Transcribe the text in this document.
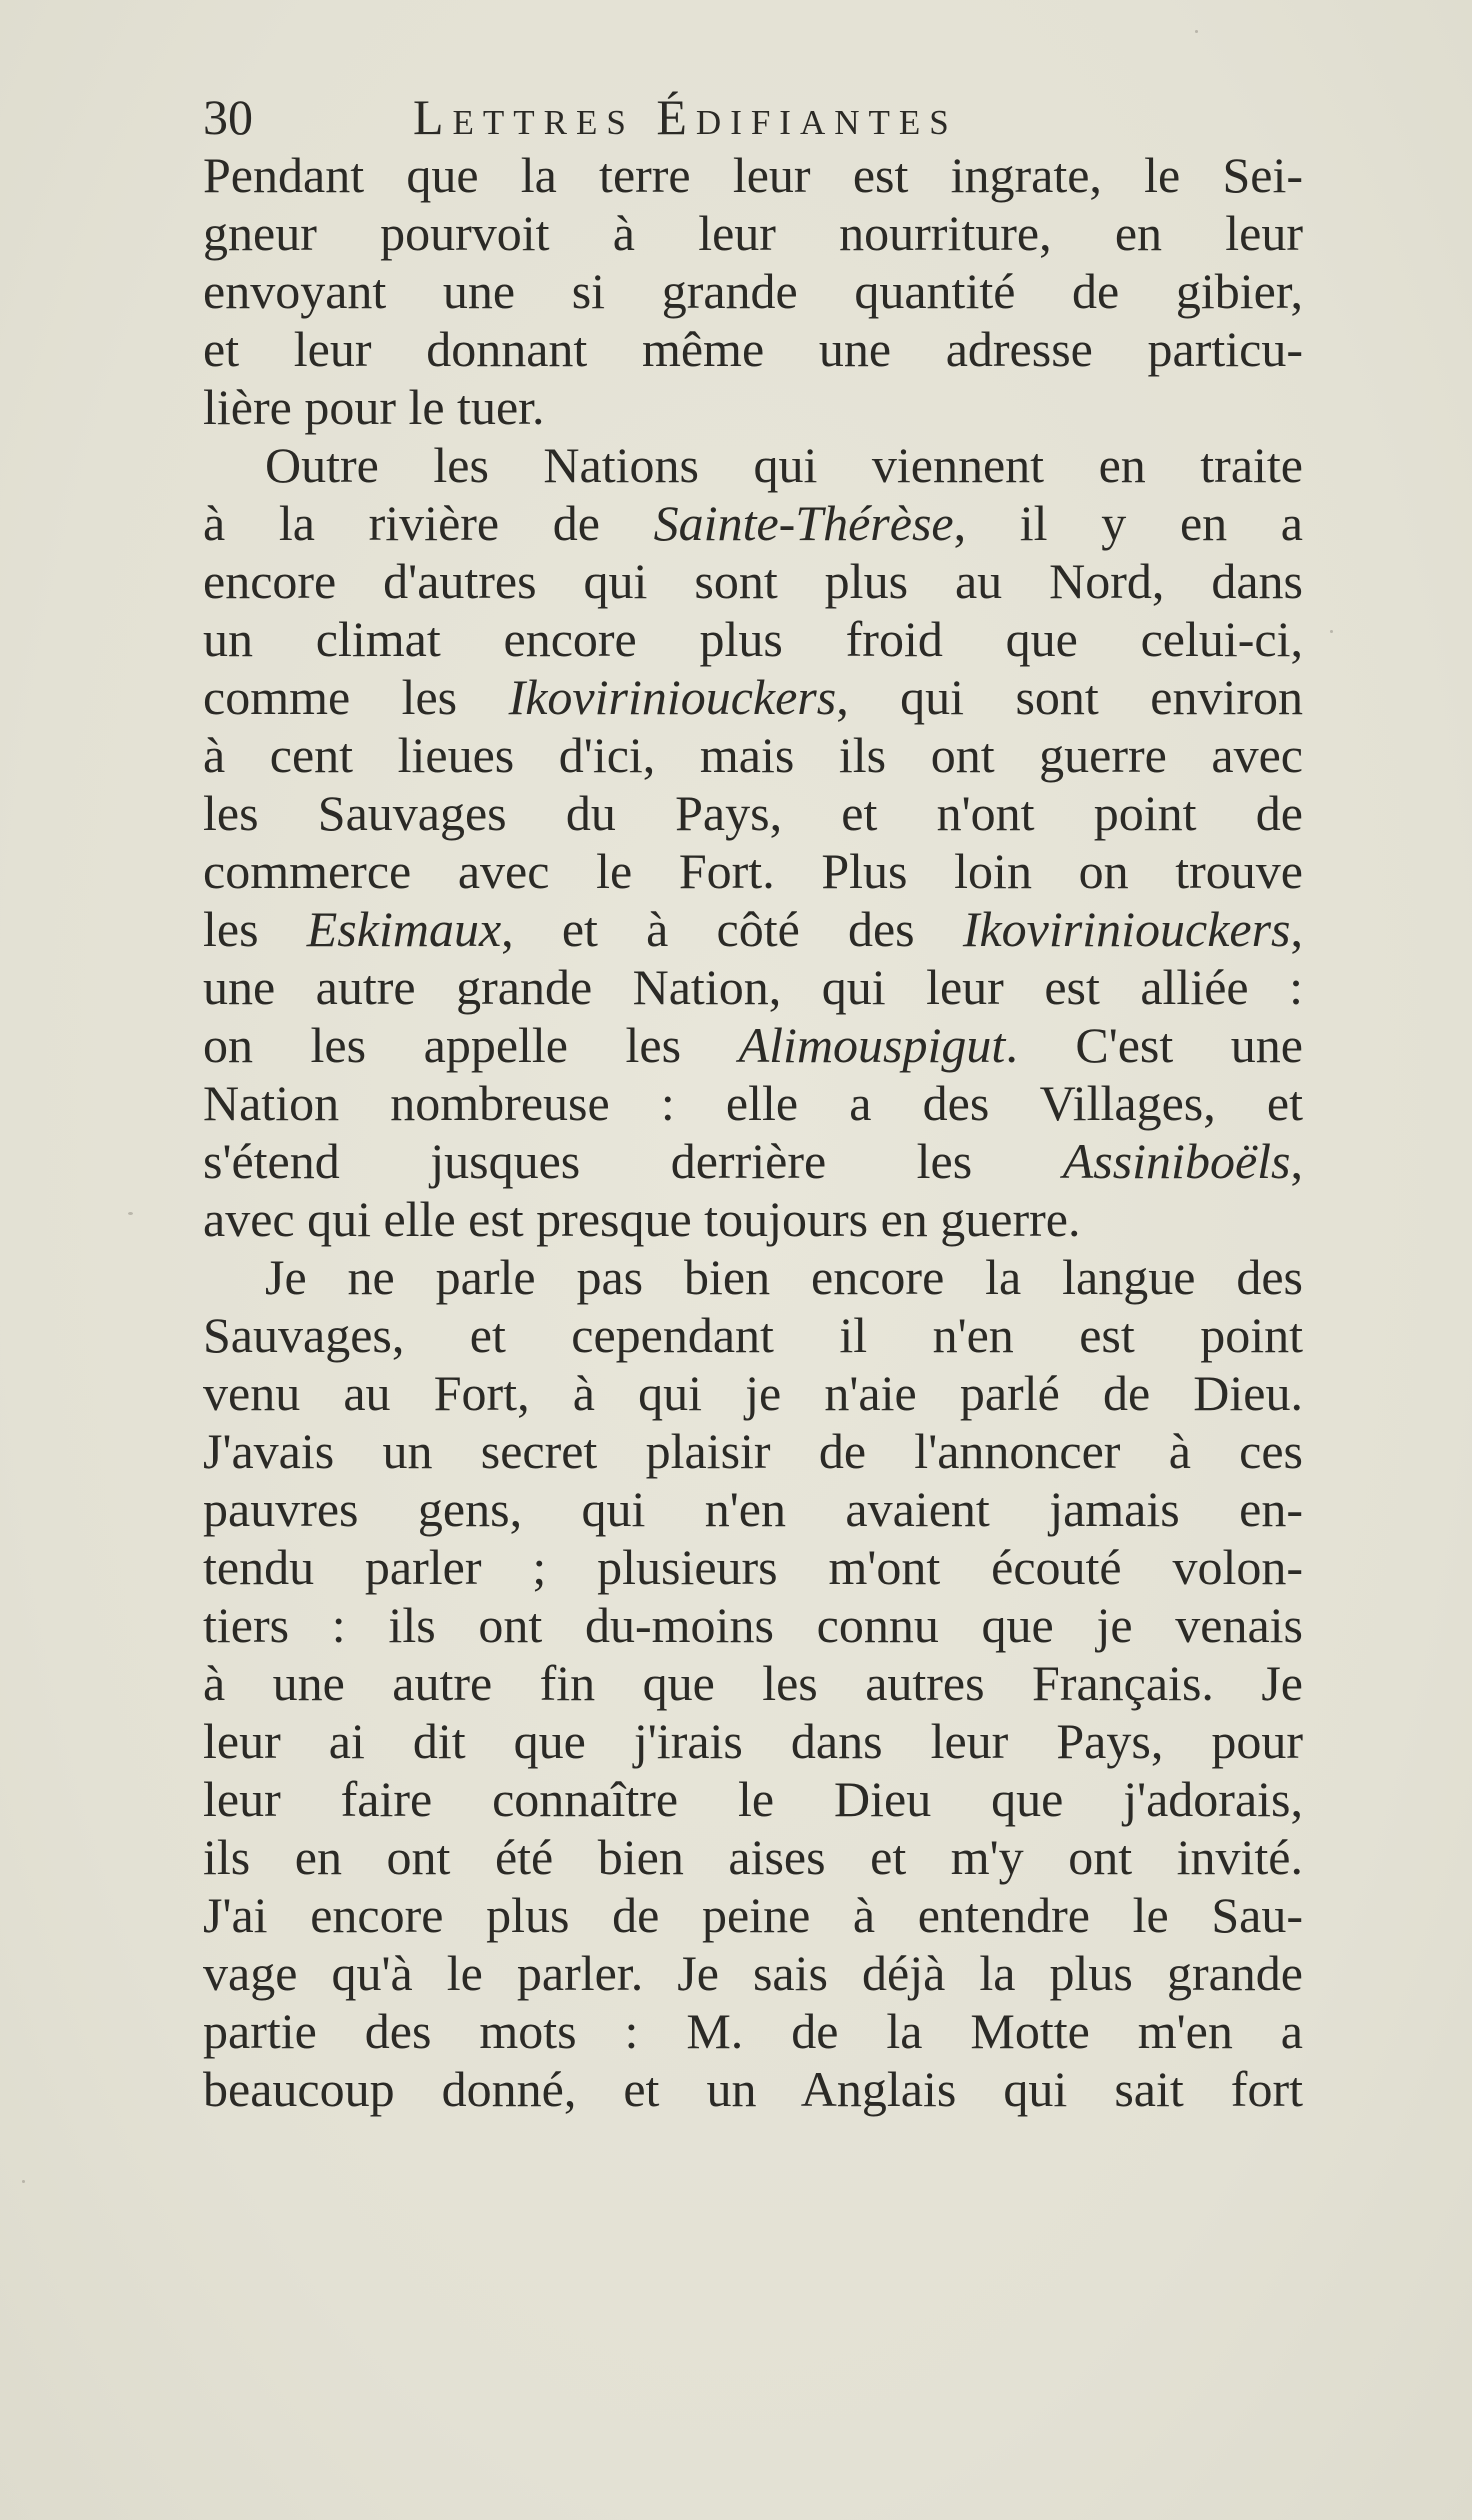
30	Lettres Édifiantes
Pendant que la terre leur est ingrate, le Sei-
gneur pourvoit à leur nourriture, en leur
envoyant une si grande quantité de gibier,
et leur donnant même une adresse particu-
lière pour le tuer.
Outre les Nations qui viennent en traite
à la rivière de Sainte-Thérèse, il y en a
encore d'autres qui sont plus au Nord, dans
un climat encore plus froid que celui-ci,
comme les Ikoviriniouckers, qui sont environ
à cent lieues d'ici, mais ils ont guerre avec
les Sauvages du Pays, et n'ont point de
commerce avec le Fort. Plus loin on trouve
les Eskimaux, et à côté des Ikoviriniouckers,
une autre grande Nation, qui leur est alliée :
on les appelle les Alimouspigut. C'est une
Nation nombreuse : elle a des Villages, et
s'étend jusques derrière les Assiniboëls,
avec qui elle est presque toujours en guerre.
Je ne parle pas bien encore la langue des
Sauvages, et cependant il n'en est point
venu au Fort, à qui je n'aie parlé de Dieu.
J'avais un secret plaisir de l'annoncer à ces
pauvres gens, qui n'en avaient jamais en-
tendu parler ; plusieurs m'ont écouté volon-
tiers : ils ont du-moins connu que je venais
à une autre fin que les autres Français. Je
leur ai dit que j'irais dans leur Pays, pour
leur faire connaître le Dieu que j'adorais,
ils en ont été bien aises et m'y ont invité.
J'ai encore plus de peine à entendre le Sau-
vage qu'à le parler. Je sais déjà la plus grande
partie des mots : M. de la Motte m'en a
beaucoup donné, et un Anglais qui sait fort
